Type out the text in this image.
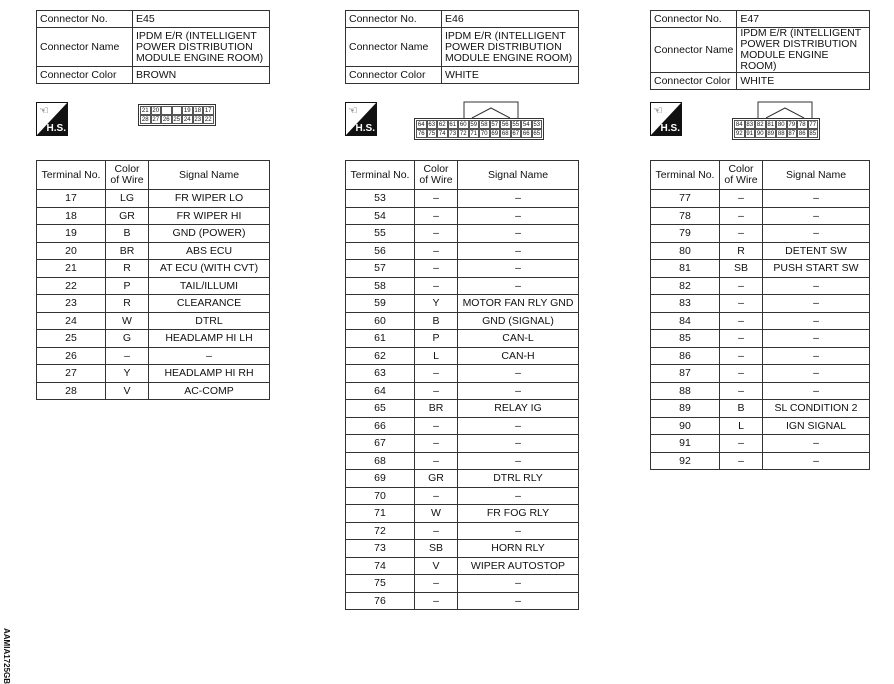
Connector No.	E45
Connector Name	IPDM E/R (INTELLIGENT POWER DISTRIBUTION MODULE ENGINE ROOM)
Connector Color	BROWN
☜
H.S.
21 20	19 18 17
28 27 26 25 24 23 22
Terminal No.	Color of Wire	Signal Name
17	LG	FR WIPER LO
18	GR	FR WIPER HI
19	B	GND (POWER)
20	BR	ABS ECU
21	R	AT ECU (WITH CVT)
22	P	TAIL/ILLUMI
23	R	CLEARANCE
24	W	DTRL
25	G	HEADLAMP HI LH
26	–	–
27	Y	HEADLAMP HI RH
28	V	AC-COMP
Connector No.	E46
Connector Name	IPDM E/R (INTELLIGENT POWER DISTRIBUTION MODULE ENGINE ROOM)
Connector Color	WHITE
☜
H.S.	64 63 62 61 60 59 58 57 56 55 54 53
76 75 74 73 72 71 70 69 68 67 66 65
Terminal No.	Color of Wire	Signal Name
53	–	–
54	–	–
55	–	–
56	–	–
57	–	–
58	–	–
59	Y	MOTOR FAN RLY GND
60	B	GND (SIGNAL)
61	P	CAN-L
62	L	CAN-H
63	–	–
64	–	–
65	BR	RELAY IG
66	–	–
67	–	–
68	–	–
69	GR	DTRL RLY
70	–	–
71	W	FR FOG RLY
72	–	–
73	SB	HORN RLY
74	V	WIPER AUTOSTOP
75	–	–
76	–	–
Connector No.	E47
Connector Name	IPDM E/R (INTELLIGENT POWER DISTRIBUTION MODULE ENGINE ROOM)
Connector Color	WHITE
☜
H.S.	84 83 82 81 80 79 78 77
92 91 90 89 88 87 86 85
Terminal No.	Color of Wire	Signal Name
77	–	–
78	–	–
79	–	–
80	R	DETENT SW
81	SB	PUSH START SW
82	–	–
83	–	–
84	–	–
85	–	–
86	–	–
87	–	–
88	–	–
89	B	SL CONDITION 2
90	L	IGN SIGNAL
91	–	–
92	–	–
AAMIA1725GB
